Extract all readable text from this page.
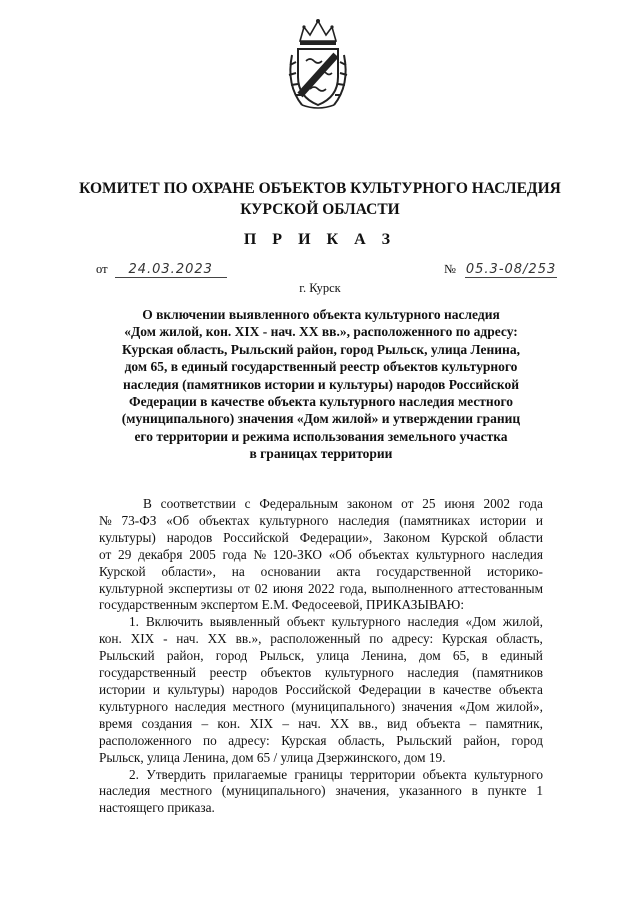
КОМИТЕТ ПО ОХРАНЕ ОБЪЕКТОВ КУЛЬТУРНОГО НАСЛЕДИЯ
КУРСКОЙ ОБЛАСТИ
П Р И К А З
от 24.03.2023	№ 05.3-08/253
г. Курск
О включении выявленного объекта культурного наследия
«Дом жилой, кон. XIX - нач. XX вв.», расположенного по адресу:
Курская область, Рыльский район, город Рыльск, улица Ленина,
дом 65, в единый государственный реестр объектов культурного
наследия (памятников истории и культуры) народов Российской
Федерации в качестве объекта культурного наследия местного
(муниципального) значения «Дом жилой» и утверждении границ
его территории и режима использования земельного участка
в границах территории
В соответствии с Федеральным законом от 25 июня 2002 года
№ 73-ФЗ «Об объектах культурного наследия (памятниках истории и
культуры) народов Российской Федерации», Законом Курской области
от 29 декабря 2005 года № 120-ЗКО «Об объектах культурного наследия
Курской области», на основании акта государственной историко-
культурной экспертизы от 02 июня 2022 года, выполненного аттестованным
государственным экспертом Е.М. Федосеевой, ПРИКАЗЫВАЮ:
1. Включить выявленный объект культурного наследия «Дом жилой,
кон. XIX - нач. XX вв.», расположенный по адресу: Курская область,
Рыльский район, город Рыльск, улица Ленина, дом 65, в единый
государственный реестр объектов культурного наследия (памятников
истории и культуры) народов Российской Федерации в качестве объекта
культурного наследия местного (муниципального) значения «Дом жилой»,
время создания – кон. XIX – нач. XX вв., вид объекта – памятник,
расположенного по адресу: Курская область, Рыльский район, город
Рыльск, улица Ленина, дом 65 / улица Дзержинского, дом 19.
2. Утвердить прилагаемые границы территории объекта культурного
наследия местного (муниципального) значения, указанного в пункте 1
настоящего приказа.
